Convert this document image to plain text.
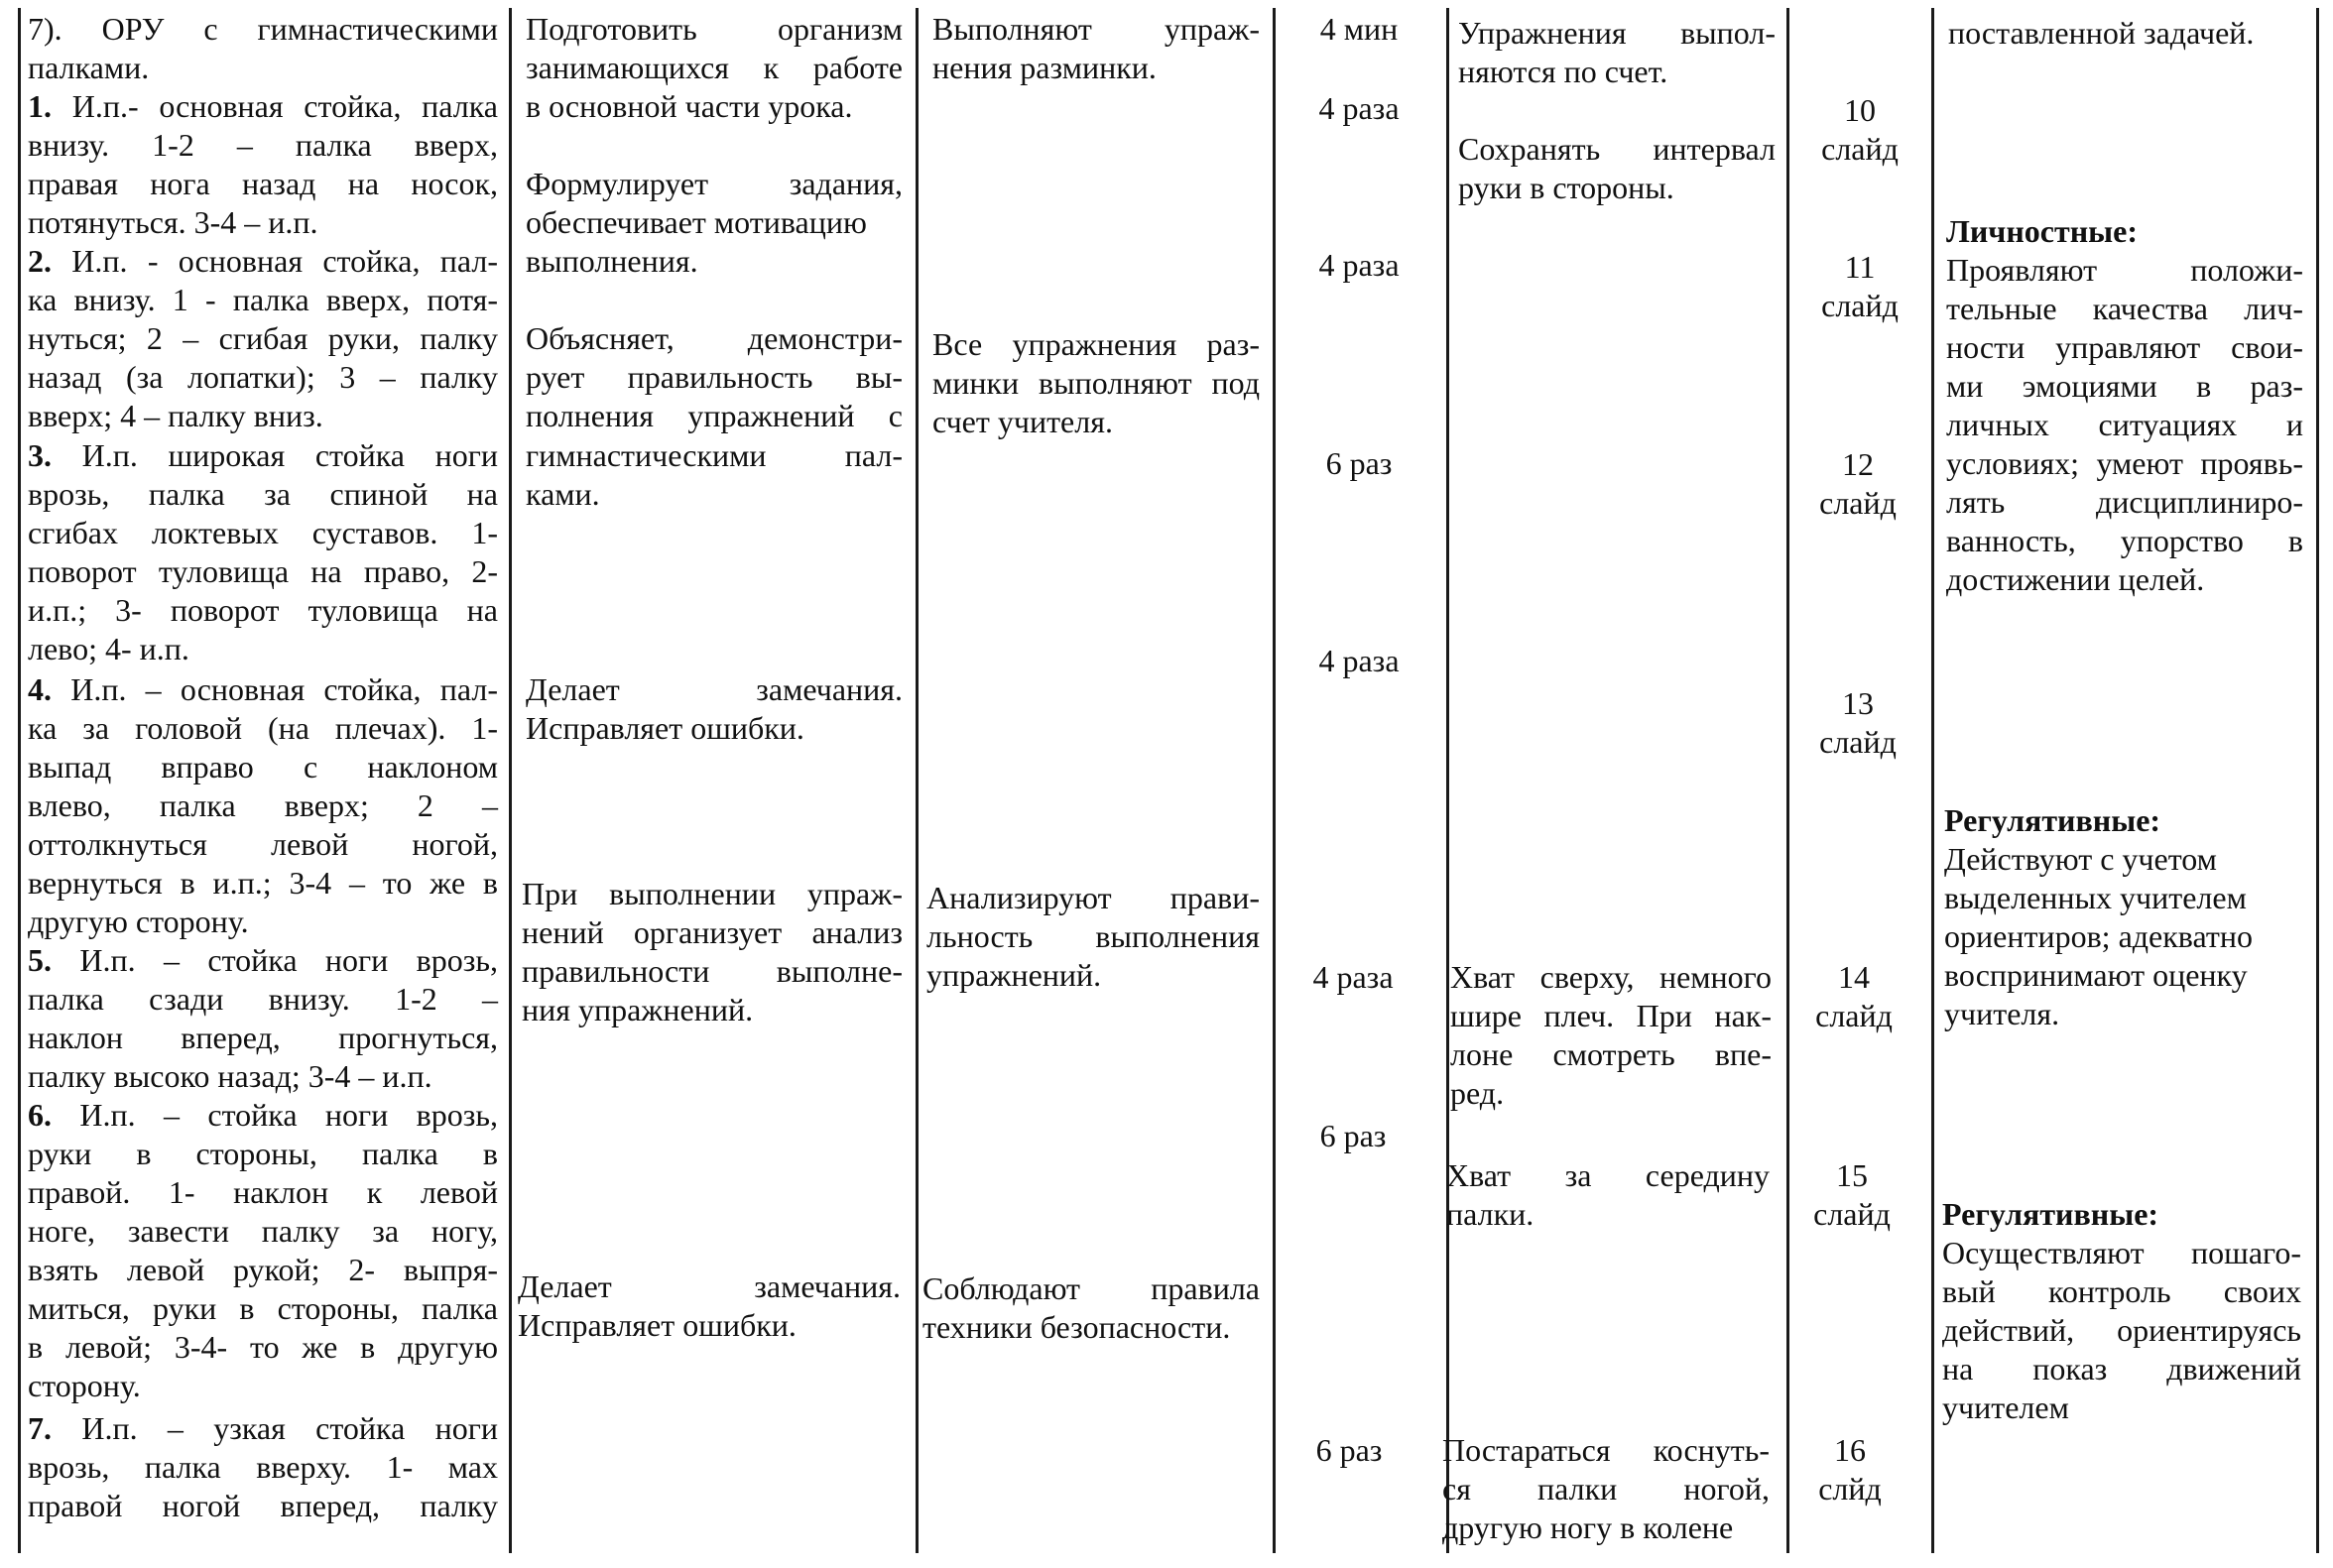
7). ОРУ с гимнастическими

палками.

1. И.п.- основная стойка, палка

внизу. 1-2 – палка вверх,

правая нога назад на носок,

потянуться. 3-4 – и.п.

2. И.п. - основная стойка, пал-

ка внизу. 1 - палка вверх, потя-

нуться; 2 – сгибая руки, палку

назад (за лопатки); 3 – палку

вверх; 4 – палку вниз.

3. И.п. широкая стойка ноги

врозь, палка за спиной на

сгибах локтевых суставов. 1-

поворот туловища на право, 2-

и.п.; 3- поворот туловища на

лево; 4- и.п.

4. И.п. – основная стойка, пал-

ка за головой (на плечах). 1-

выпад вправо с наклоном

влево, палка вверх; 2 –

оттолкнуться левой ногой,

вернуться в и.п.; 3-4 – то же в

другую сторону.

5. И.п. – стойка ноги врозь,

палка сзади внизу. 1-2 –

наклон вперед, прогнуться,

палку высоко назад; 3-4 – и.п.

6. И.п. – стойка ноги врозь,

руки в стороны, палка в

правой. 1- наклон к левой

ноге, завести палку за ногу,

взять левой рукой; 2- выпря-

миться, руки в стороны, палка

в левой; 3-4- то же в другую

сторону.

7. И.п. – узкая стойка ноги

врозь, палка вверху. 1- мах

правой ногой вперед, палку

Подготовить организм

занимающихся к работе

в основной части урока.

Формулирует задания,

обеспечивает мотивацию

выполнения.

Объясняет, демонстри-

рует правильность вы-

полнения упражнений с

гимнастическими пал-

ками.

Делает замечания.

Исправляет ошибки.

При выполнении упраж-

нений организует анализ

правильности выполне-

ния упражнений.

Делает замечания.

Исправляет ошибки.

Выполняют упраж-

нения разминки.

Все упражнения раз-

минки выполняют под

счет учителя.

Анализируют прави-

льность выполнения

упражнений.

Соблюдают правила

техники безопасности.

4 мин

4 раза

4 раза

6 раз

4 раза

4 раза

6 раз

6 раз

Упражнения выпол-

няются по счет.

Сохранять интервал

руки в стороны.

Хват сверху, немного

шире плеч. При нак-

лоне смотреть впе-

ред.

Хват за середину

палки.

Постараться коснуть-

ся палки ногой,

другую ногу в колене

10

слайд

11

слайд

12

слайд

13

слайд

14

слайд

15

слайд

16

слйд

поставленной задачей.

Личностные:

Проявляют положи-

тельные качества лич-

ности управляют свои-

ми эмоциями в раз-

личных ситуациях и

условиях; умеют проявь-

лять дисциплиниро-

ванность, упорство в

достижении целей.

Регулятивные:

Действуют с учетом

выделенных учителем

ориентиров; адекватно

воспринимают оценку

учителя.

Регулятивные:

Осуществляют пошаго-

вый контроль своих

действий, ориентируясь

на показ движений

учителем
